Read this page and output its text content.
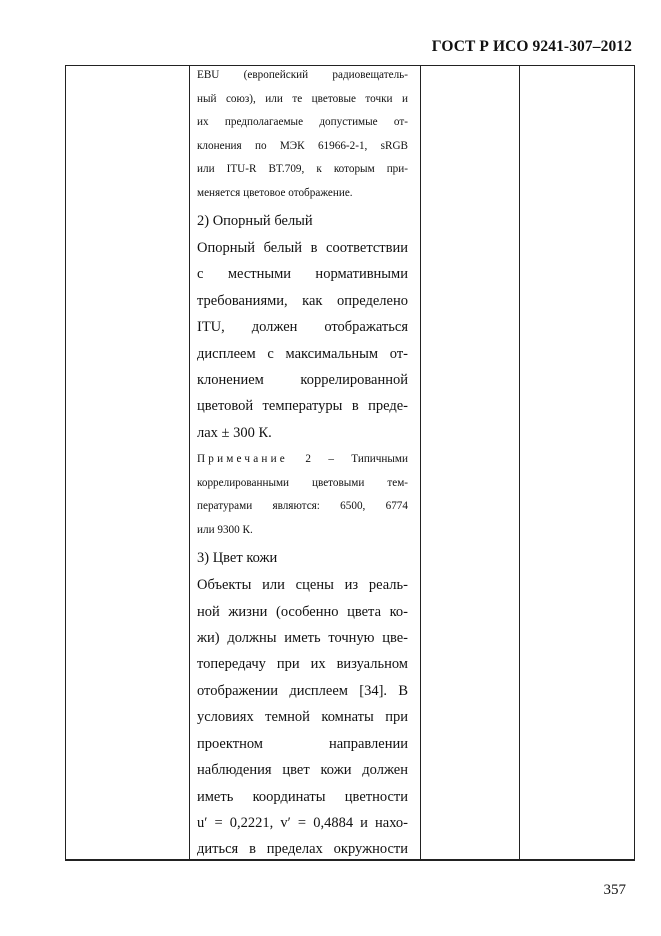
ГОСТ Р ИСО 9241-307–2012

EBU (европейский радиовещатель-
ный союз), или те цветовые точки и
их предполагаемые допустимые от-
клонения по МЭК 61966-2-1, sRGB
или ITU-R BT.709, к которым при-
меняется цветовое отображение.

2) Опорный белый

Опорный белый в соответствии
с местными нормативными
требованиями, как определено
ITU, должен отображаться
дисплеем с максимальным от-
клонением коррелированной
цветовой температуры в преде-
лах ± 300 К.

Примечание 2 – Типичными
коррелированными цветовыми тем-
пературами являются: 6500, 6774
или 9300 К.

3) Цвет кожи

Объекты или сцены из реаль-
ной жизни (особенно цвета ко-
жи) должны иметь точную цве-
топередачу при их визуальном
отображении дисплеем [34]. В
условиях темной комнаты при
проектном направлении
наблюдения цвет кожи должен
иметь координаты цветности
u′ = 0,2221, v′ = 0,4884 и нахо-
диться в пределах окружности

357
